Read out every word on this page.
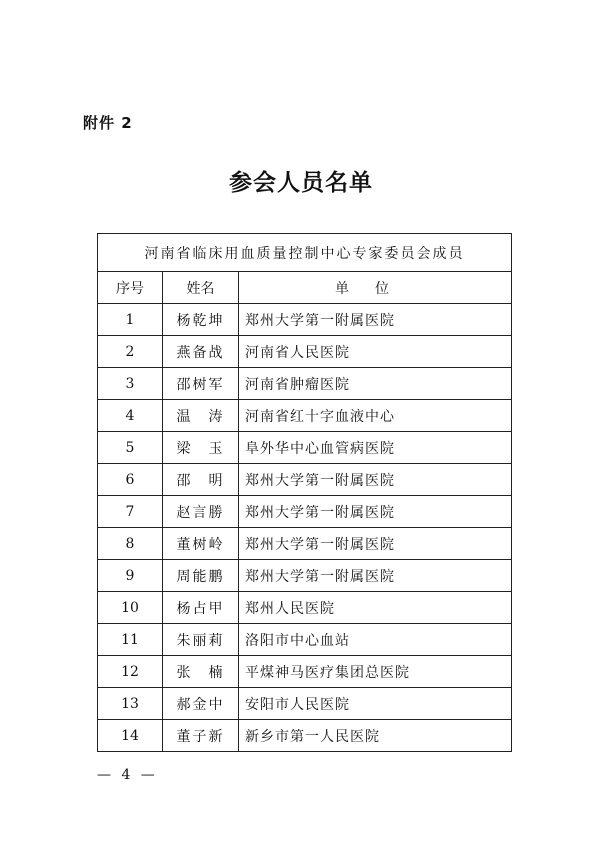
附件 2
参会人员名单
河南省临床用血质量控制中心专家委员会成员		
序号	姓名	单位
1	杨乾坤	郑州大学第一附属医院
2	燕备战	河南省人民医院
3	邵树军	河南省肿瘤医院
4	温　涛	河南省红十字血液中心
5	梁　玉	阜外华中心血管病医院
6	邵　明	郑州大学第一附属医院
7	赵言勝	郑州大学第一附属医院
8	董树岭	郑州大学第一附属医院
9	周能鹏	郑州大学第一附属医院
10	杨占甲	郑州人民医院
11	朱丽莉	洛阳市中心血站
12	张　楠	平煤神马医疗集团总医院
13	郝金中	安阳市人民医院
14	董子新	新乡市第一人民医院
— 4 —
